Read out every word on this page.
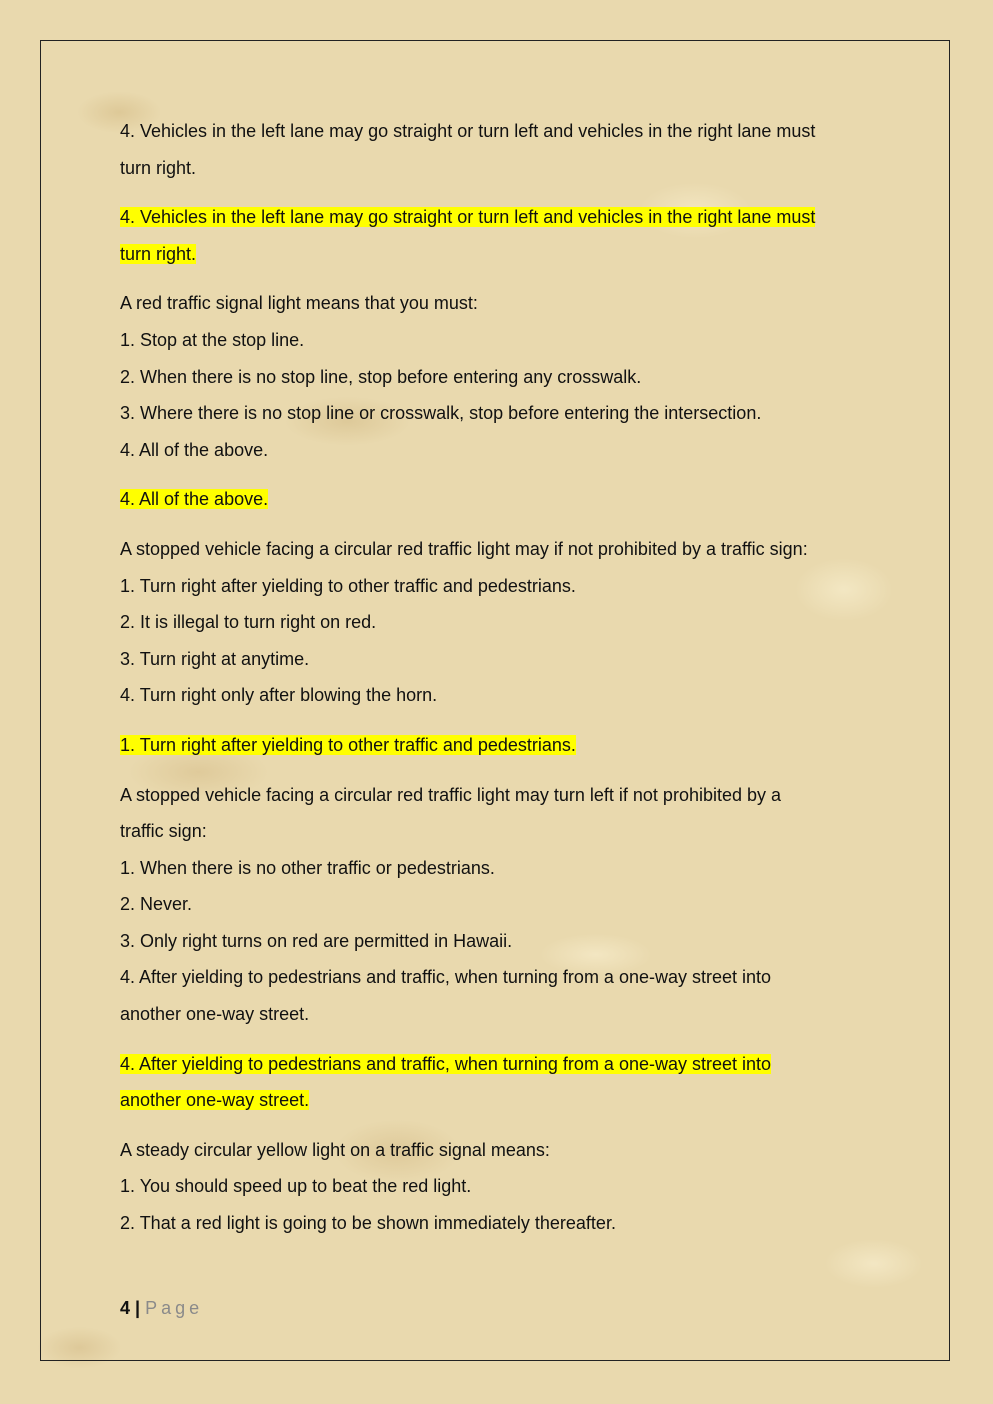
4. Vehicles in the left lane may go straight or turn left and vehicles in the right lane must
turn right.
4. Vehicles in the left lane may go straight or turn left and vehicles in the right lane must
turn right.
A red traffic signal light means that you must:
1. Stop at the stop line.
2. When there is no stop line, stop before entering any crosswalk.
3. Where there is no stop line or crosswalk, stop before entering the intersection.
4. All of the above.
4. All of the above.
A stopped vehicle facing a circular red traffic light may if not prohibited by a traffic sign:
1. Turn right after yielding to other traffic and pedestrians.
2. It is illegal to turn right on red.
3. Turn right at anytime.
4. Turn right only after blowing the horn.
1. Turn right after yielding to other traffic and pedestrians.
A stopped vehicle facing a circular red traffic light may turn left if not prohibited by a
traffic sign:
1. When there is no other traffic or pedestrians.
2. Never.
3. Only right turns on red are permitted in Hawaii.
4. After yielding to pedestrians and traffic, when turning from a one-way street into
another one-way street.
4. After yielding to pedestrians and traffic, when turning from a one-way street into
another one-way street.
A steady circular yellow light on a traffic signal means:
1. You should speed up to beat the red light.
2. That a red light is going to be shown immediately thereafter.
4 | Page
